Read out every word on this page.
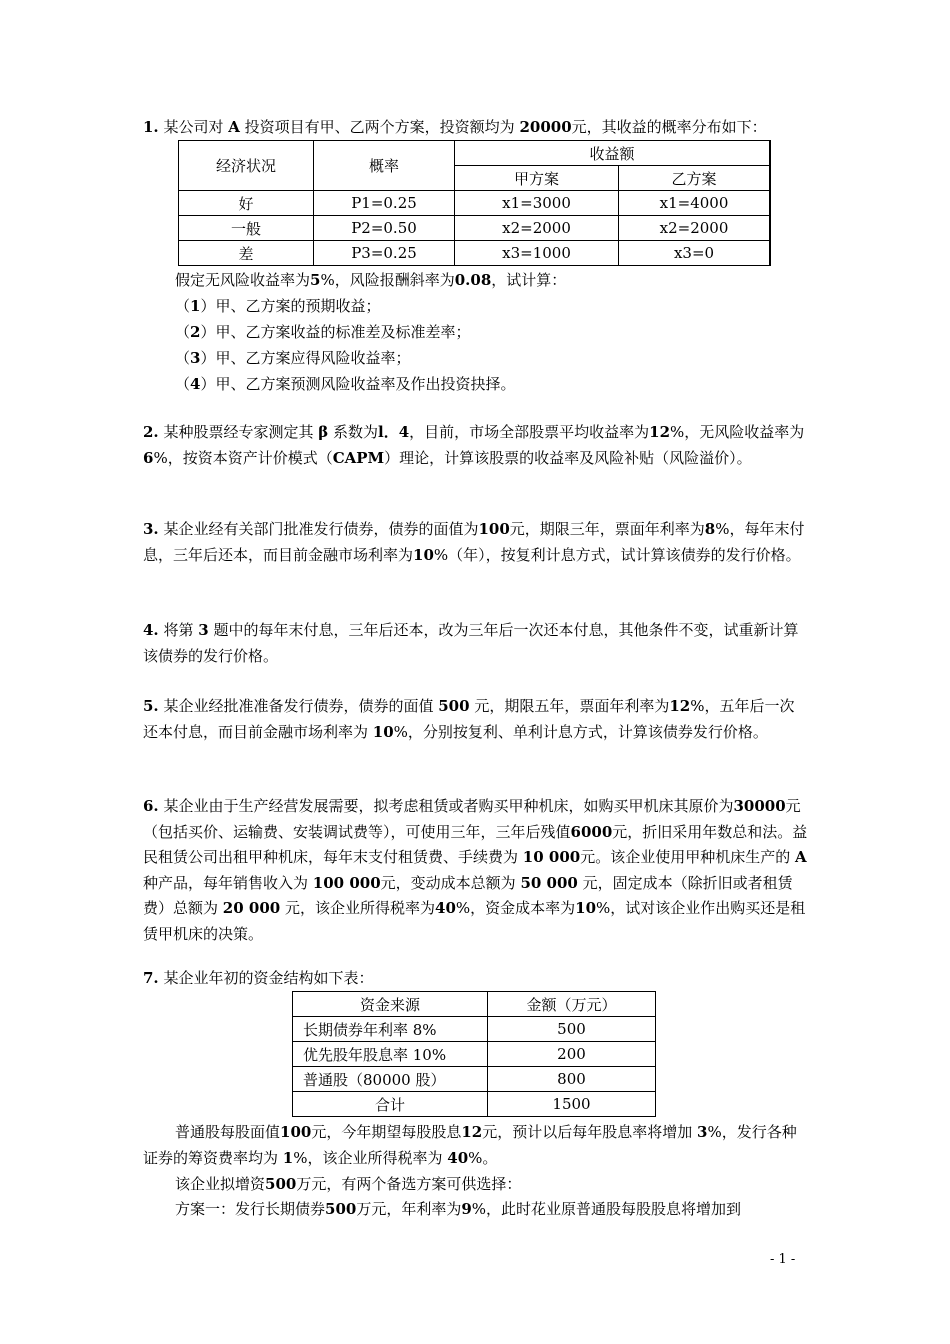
1. 某公司对 A 投资项目有甲、乙两个方案，投资额均为 20000元，其收益的概率分布如下：

经济状况	概率	收益额	
		甲方案	乙方案
好	P1=0.25	x1=3000	x1=4000
一般	P2=0.50	x2=2000	x2=2000
差	P3=0.25	x3=1000	x3=0

假定无风险收益率为5%，风险报酬斜率为0.08，试计算：

（1）甲、乙方案的预期收益；

（2）甲、乙方案收益的标准差及标准差率；

（3）甲、乙方案应得风险收益率；

（4）甲、乙方案预测风险收益率及作出投资抉择。

2. 某种股票经专家测定其 β 系数为l．4，目前，市场全部股票平均收益率为12%，无风险收益率为6%，按资本资产计价模式（CAPM）理论，计算该股票的收益率及风险补贴（风险溢价）。

3. 某企业经有关部门批准发行债券，债券的面值为100元，期限三年，票面年利率为8%，每年末付息，三年后还本，而目前金融市场利率为10%（年），按复利计息方式，试计算该债券的发行价格。

4. 将第 3 题中的每年末付息，三年后还本，改为三年后一次还本付息，其他条件不变，试重新计算该债券的发行价格。

5. 某企业经批准准备发行债券，债券的面值 500 元，期限五年，票面年利率为12%，五年后一次还本付息，而目前金融市场利率为 10%，分别按复利、单利计息方式，计算该债券发行价格。

6. 某企业由于生产经营发展需要，拟考虑租赁或者购买甲种机床，如购买甲机床其原价为30000元（包括买价、运输费、安装调试费等），可使用三年，三年后残值6000元，折旧采用年数总和法。益民租赁公司出租甲种机床，每年末支付租赁费、手续费为 10 000元。该企业使用甲种机床生产的 A 种产品，每年销售收入为 100 000元，变动成本总额为 50 000 元，固定成本（除折旧或者租赁费）总额为 20 000 元，该企业所得税率为40%，资金成本率为10%，试对该企业作出购买还是租赁甲机床的决策。

7. 某企业年初的资金结构如下表：

资金来源	金额（万元）
长期债券年利率 8%	500
优先股年股息率 10%	200
普通股（80000 股）	800
合计	1500

普通股每股面值100元，今年期望每股股息12元，预计以后每年股息率将增加 3%，发行各种证券的筹资费率均为 1%，该企业所得税率为 40%。

该企业拟增资500万元，有两个备选方案可供选择：

方案一：发行长期债券500万元，年利率为9%，此时花业原普通股每股股息将增加到

- 1 -
